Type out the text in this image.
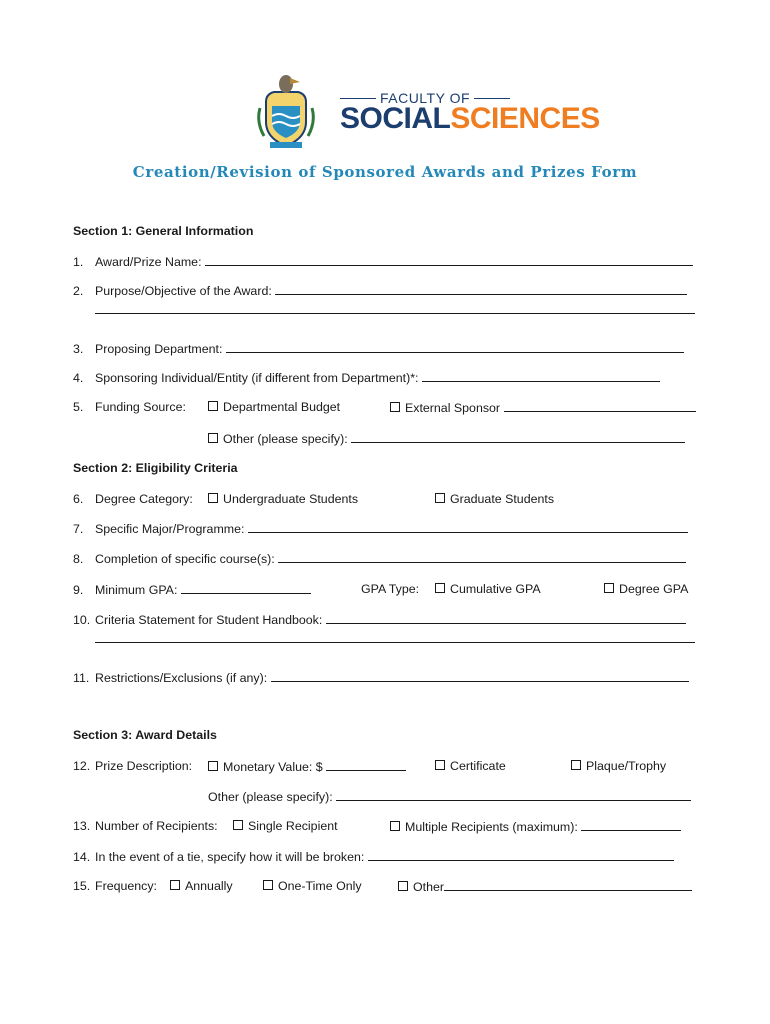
FACULTY OF
SOCIALSCIENCES
Creation/Revision of Sponsored Awards and Prizes Form
Section 1: General Information
1. Award/Prize Name:
2. Purpose/Objective of the Award:
3. Proposing Department:
4. Sponsoring Individual/Entity (if different from Department)*:
5. Funding Source:	Departmental Budget	External Sponsor
Other (please specify):
Section 2: Eligibility Criteria
6. Degree Category:	Undergraduate Students	Graduate Students
7. Specific Major/Programme:
8. Completion of specific course(s):
9. Minimum GPA:	GPA Type:	Cumulative GPA	Degree GPA
10. Criteria Statement for Student Handbook:
11. Restrictions/Exclusions (if any):
Section 3: Award Details
12. Prize Description:	Monetary Value: $	Certificate	Plaque/Trophy
Other (please specify):
13. Number of Recipients:	Single Recipient	Multiple Recipients (maximum):
14. In the event of a tie, specify how it will be broken:
15. Frequency:	Annually	One-Time Only	Other
